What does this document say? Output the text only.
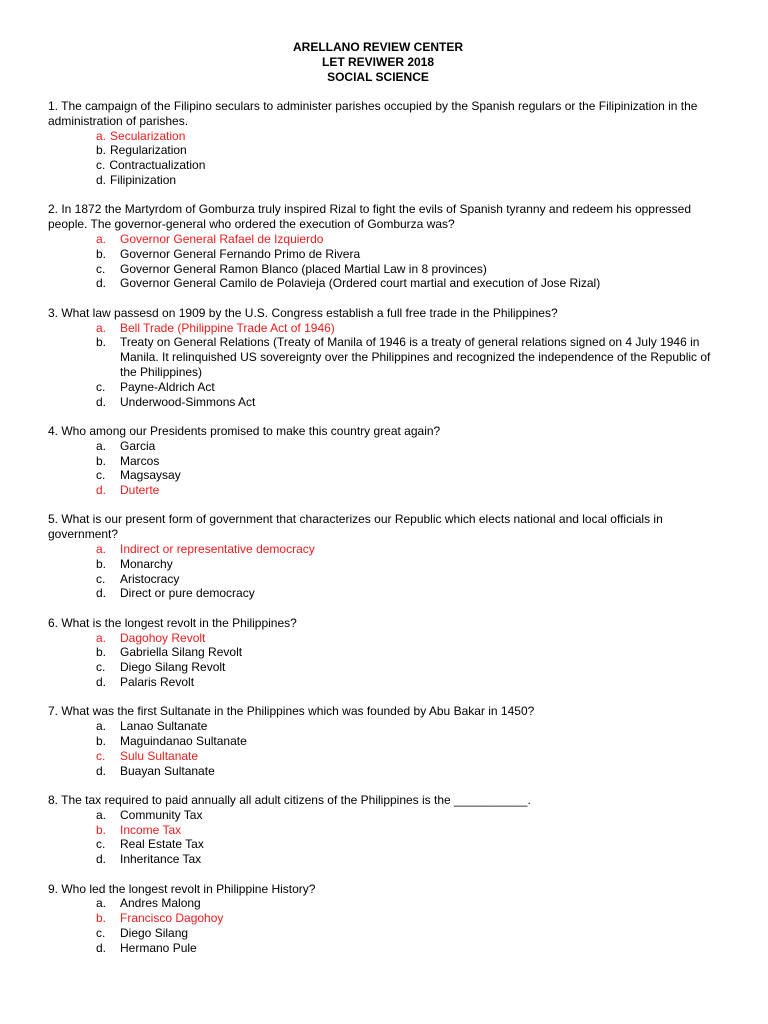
ARELLANO REVIEW CENTER
LET REVIWER 2018
SOCIAL SCIENCE
1. The campaign of the Filipino seculars to administer parishes occupied by the Spanish regulars or the Filipinization in the administration of parishes.
a. Secularization
b. Regularization
c. Contractualization
d. Filipinization
2. In 1872 the Martyrdom of Gomburza truly inspired Rizal to fight the evils of Spanish tyranny and redeem his oppressed people. The governor-general who ordered the execution of Gomburza was?
a.	Governor General Rafael de Izquierdo
b.	Governor General Fernando Primo de Rivera
c.	Governor General Ramon Blanco (placed Martial Law in 8 provinces)
d.	Governor General Camilo de Polavieja (Ordered court martial and execution of Jose Rizal)
3. What law passesd on 1909 by the U.S. Congress establish a full free trade in the Philippines?
a.	Bell Trade (Philippine Trade Act of 1946)
b.	Treaty on General Relations (Treaty of Manila of 1946 is a treaty of general relations signed on 4 July 1946 in Manila. It relinquished US sovereignty over the Philippines and recognized the independence of the Republic of the Philippines)
c.	Payne-Aldrich Act
d.	Underwood-Simmons Act
4. Who among our Presidents promised to make this country great again?
a.	Garcia
b.	Marcos
c.	Magsaysay
d.	Duterte
5. What is our present form of government that characterizes our Republic which elects national and local officials in government?
a.	Indirect or representative democracy
b.	Monarchy
c.	Aristocracy
d.	Direct or pure democracy
6. What is the longest revolt in the Philippines?
a.	Dagohoy Revolt
b.	Gabriella Silang Revolt
c.	Diego Silang Revolt
d.	Palaris Revolt
7. What was the first Sultanate in the Philippines which was founded by Abu Bakar in 1450?
a.	Lanao Sultanate
b.	Maguindanao Sultanate
c.	Sulu Sultanate
d.	Buayan Sultanate
8. The tax required to paid annually all adult citizens of the Philippines is the ___________.
a.	Community Tax
b.	Income Tax
c.	Real Estate Tax
d.	Inheritance Tax
9. Who led the longest revolt in Philippine History?
a.	Andres Malong
b.	Francisco Dagohoy
c.	Diego Silang
d.	Hermano Pule
